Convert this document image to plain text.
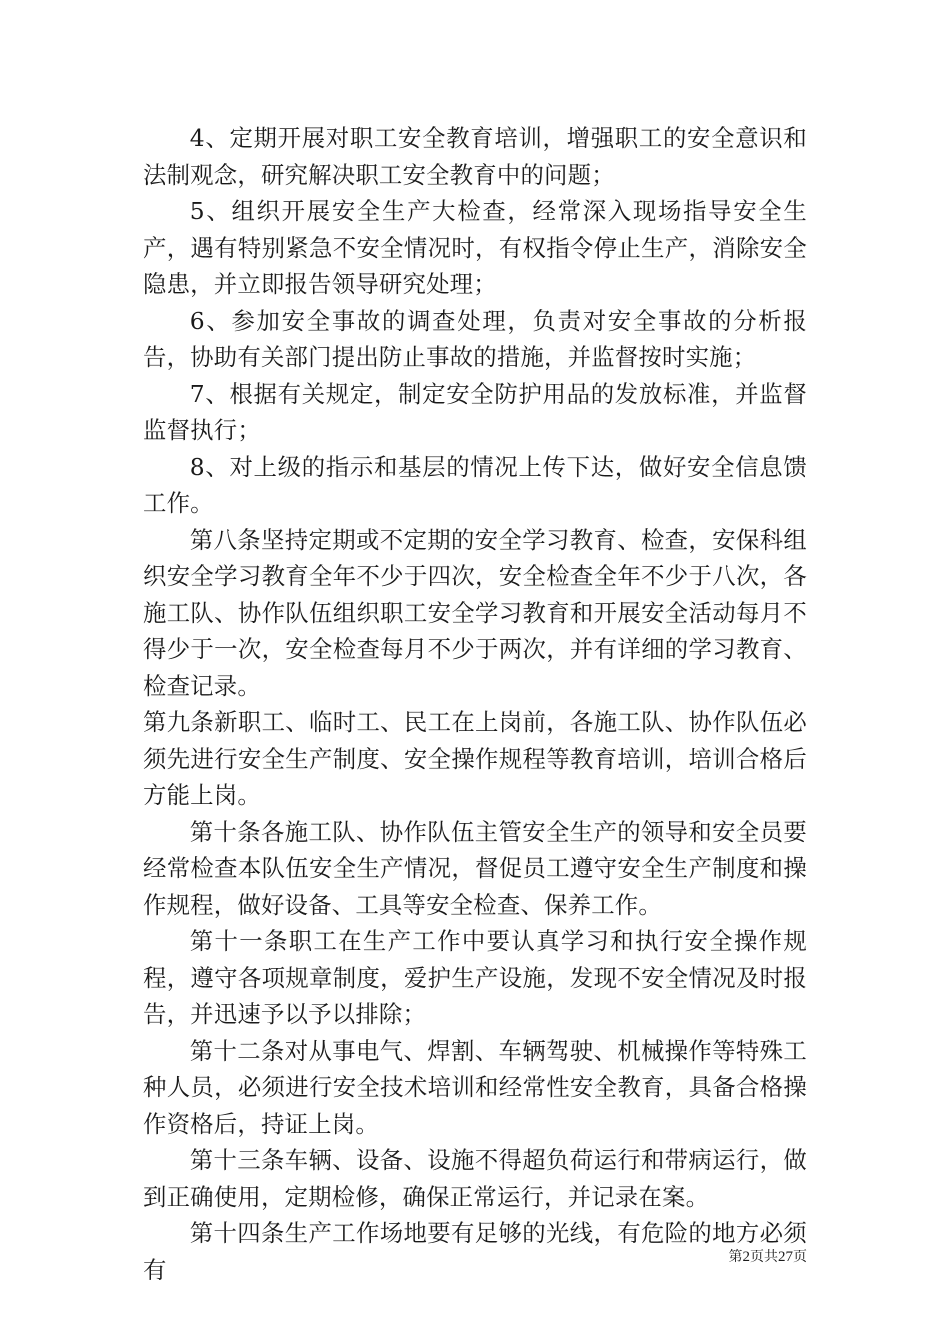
4、定期开展对职工安全教育培训，增强职工的安全意识和法制观念，研究解决职工安全教育中的问题；

5、组织开展安全生产大检查，经常深入现场指导安全生产，遇有特别紧急不安全情况时，有权指令停止生产，消除安全隐患，并立即报告领导研究处理；

6、参加安全事故的调查处理，负责对安全事故的分析报告，协助有关部门提出防止事故的措施，并监督按时实施；

7、根据有关规定，制定安全防护用品的发放标准，并监督监督执行；

8、对上级的指示和基层的情况上传下达，做好安全信息馈工作。

第八条坚持定期或不定期的安全学习教育、检查，安保科组织安全学习教育全年不少于四次，安全检查全年不少于八次，各施工队、协作队伍组织职工安全学习教育和开展安全活动每月不得少于一次，安全检查每月不少于两次，并有详细的学习教育、检查记录。

第九条新职工、临时工、民工在上岗前，各施工队、协作队伍必须先进行安全生产制度、安全操作规程等教育培训，培训合格后方能上岗。

第十条各施工队、协作队伍主管安全生产的领导和安全员要经常检查本队伍安全生产情况，督促员工遵守安全生产制度和操作规程，做好设备、工具等安全检查、保养工作。

第十一条职工在生产工作中要认真学习和执行安全操作规程，遵守各项规章制度，爱护生产设施，发现不安全情况及时报告，并迅速予以予以排除；

第十二条对从事电气、焊割、车辆驾驶、机械操作等特殊工种人员，必须进行安全技术培训和经常性安全教育，具备合格操作资格后，持证上岗。

第十三条车辆、设备、设施不得超负荷运行和带病运行，做到正确使用，定期检修，确保正常运行，并记录在案。

第十四条生产工作场地要有足够的光线，有危险的地方必须有	第2页共27页
